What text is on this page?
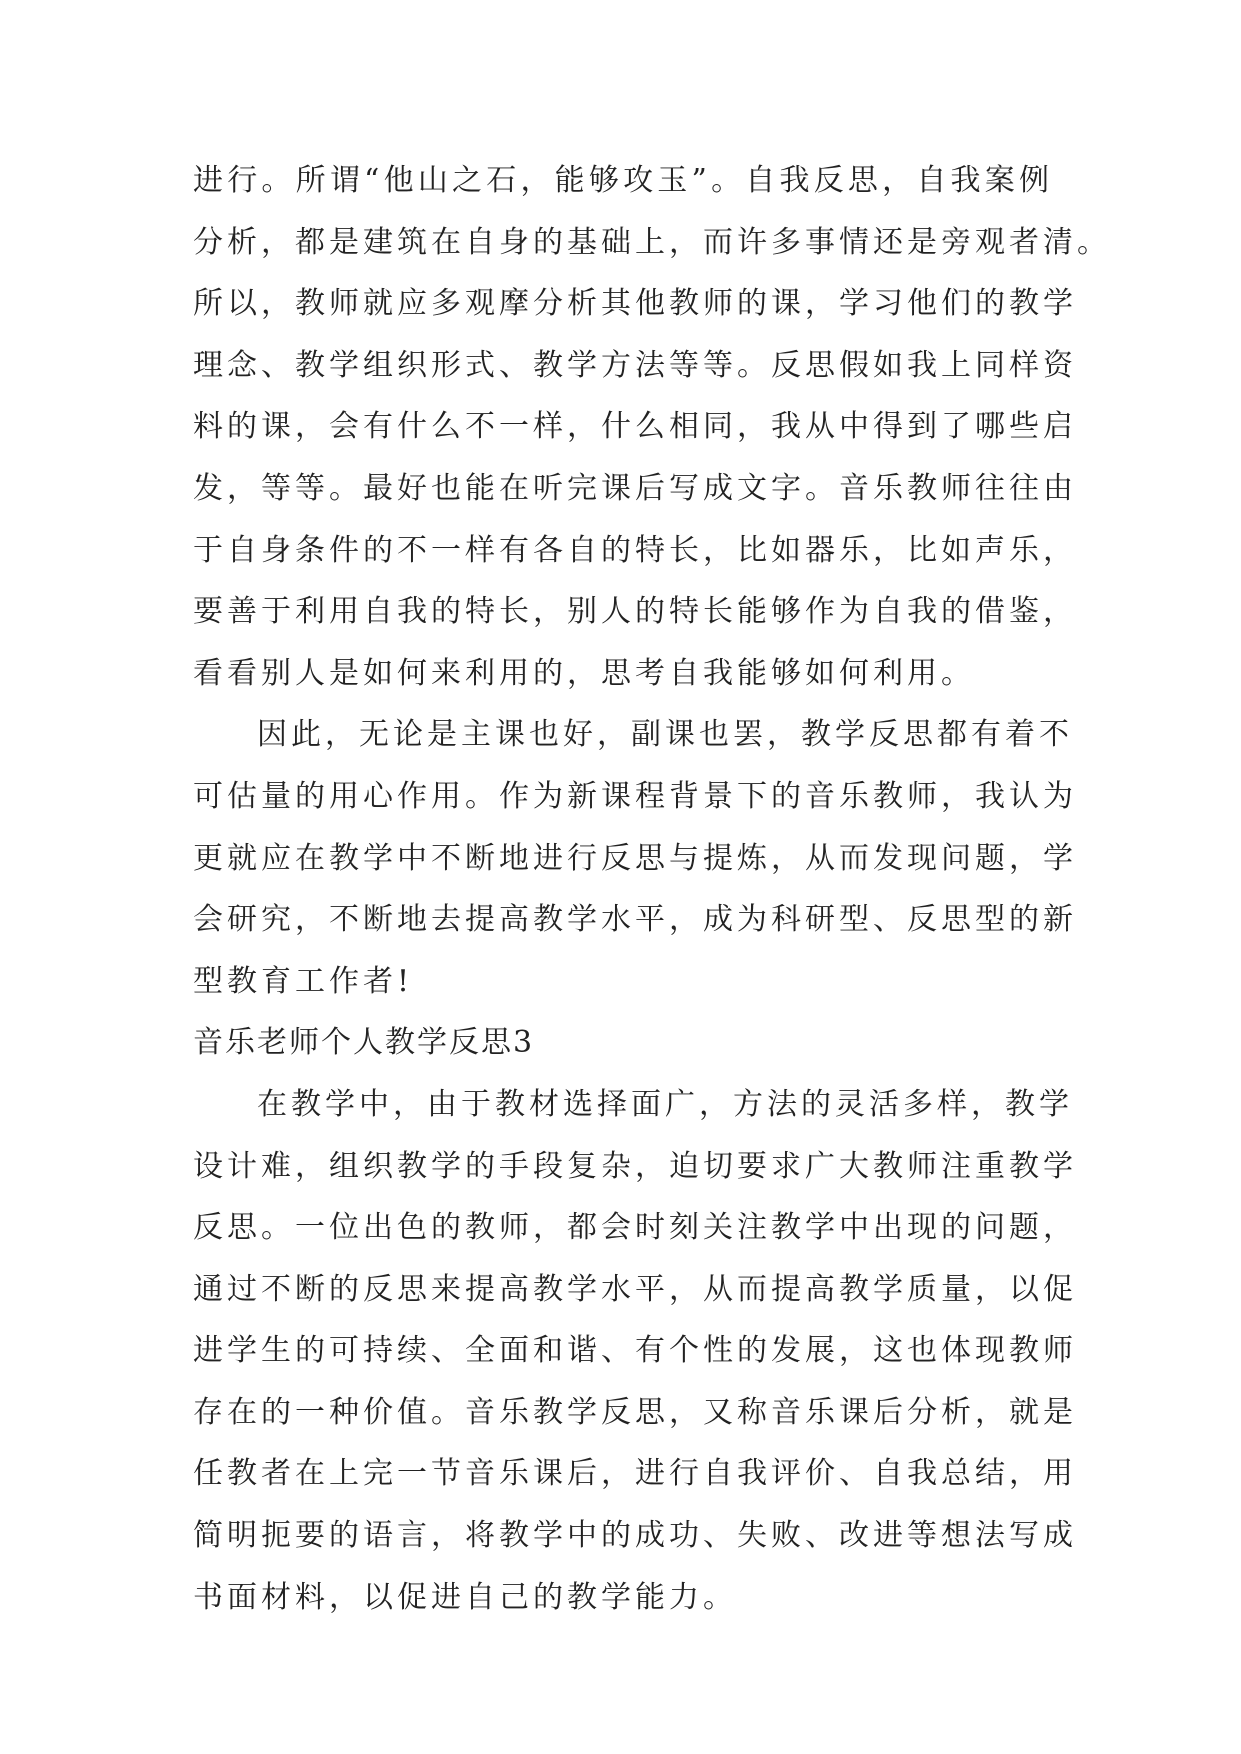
进行。所谓“他山之石，能够攻玉”。自我反思，自我案例
分析，都是建筑在自身的基础上，而许多事情还是旁观者清。
所以，教师就应多观摩分析其他教师的课，学习他们的教学
理念、教学组织形式、教学方法等等。反思假如我上同样资
料的课，会有什么不一样，什么相同，我从中得到了哪些启
发，等等。最好也能在听完课后写成文字。音乐教师往往由
于自身条件的不一样有各自的特长，比如器乐，比如声乐，
要善于利用自我的特长，别人的特长能够作为自我的借鉴，
看看别人是如何来利用的，思考自我能够如何利用。
因此，无论是主课也好，副课也罢，教学反思都有着不
可估量的用心作用。作为新课程背景下的音乐教师，我认为
更就应在教学中不断地进行反思与提炼，从而发现问题，学
会研究，不断地去提高教学水平，成为科研型、反思型的新
型教育工作者!
音乐老师个人教学反思3
在教学中，由于教材选择面广，方法的灵活多样，教学
设计难，组织教学的手段复杂，迫切要求广大教师注重教学
反思。一位出色的教师，都会时刻关注教学中出现的问题，
通过不断的反思来提高教学水平，从而提高教学质量，以促
进学生的可持续、全面和谐、有个性的发展，这也体现教师
存在的一种价值。音乐教学反思，又称音乐课后分析，就是
任教者在上完一节音乐课后，进行自我评价、自我总结，用
简明扼要的语言，将教学中的成功、失败、改进等想法写成
书面材料，以促进自己的教学能力。
